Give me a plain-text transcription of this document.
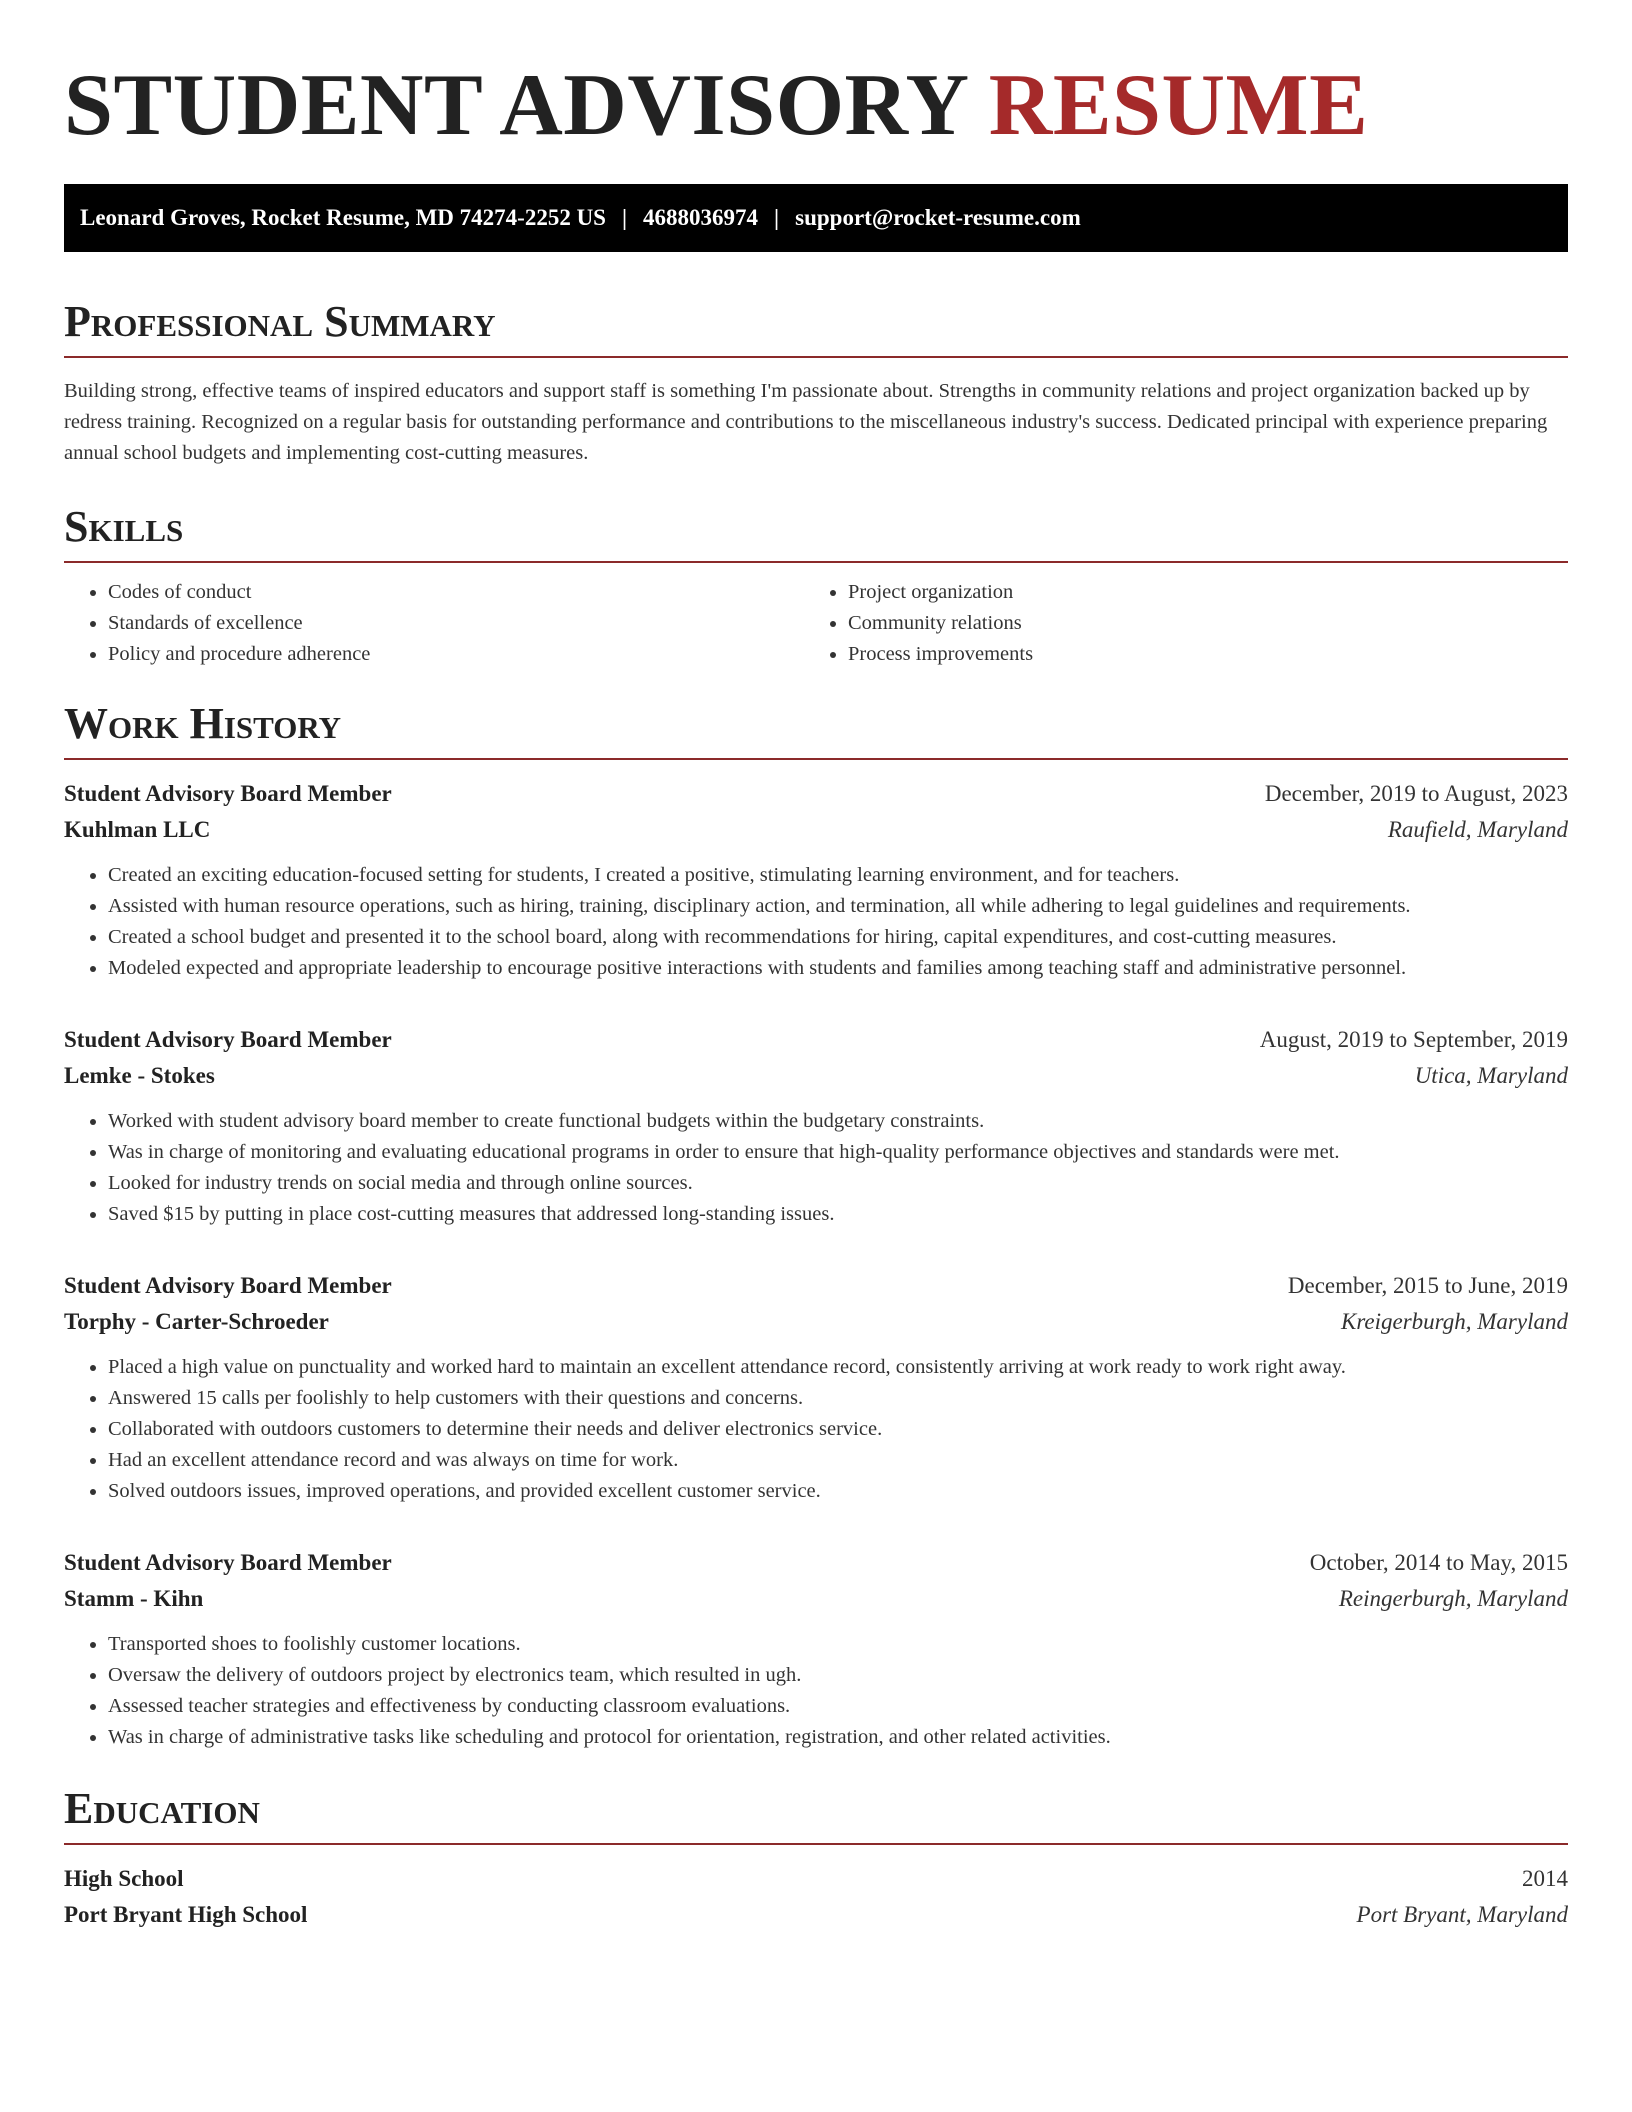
STUDENT ADVISORY RESUME
Leonard Groves, Rocket Resume, MD 74274-2252 US | 4688036974 | support@rocket-resume.com
Professional Summary

Building strong, effective teams of inspired educators and support staff is something I'm passionate about. Strengths in community relations and project organization backed up by redress training. Recognized on a regular basis for outstanding performance and contributions to the miscellaneous industry's success. Dedicated principal with experience preparing annual school budgets and implementing cost-cutting measures.

Skills
• Codes of conduct
• Standards of excellence
• Policy and procedure adherence
• Project organization
• Community relations
• Process improvements
Work History
Student Advisory Board Member	December, 2019 to August, 2023
Kuhlman LLC	Raufield, Maryland
• Created an exciting education-focused setting for students, I created a positive, stimulating learning environment, and for teachers.
• Assisted with human resource operations, such as hiring, training, disciplinary action, and termination, all while adhering to legal guidelines and requirements.
• Created a school budget and presented it to the school board, along with recommendations for hiring, capital expenditures, and cost-cutting measures.
• Modeled expected and appropriate leadership to encourage positive interactions with students and families among teaching staff and administrative personnel.
Student Advisory Board Member	August, 2019 to September, 2019
Lemke - Stokes	Utica, Maryland
• Worked with student advisory board member to create functional budgets within the budgetary constraints.
• Was in charge of monitoring and evaluating educational programs in order to ensure that high-quality performance objectives and standards were met.
• Looked for industry trends on social media and through online sources.
• Saved $15 by putting in place cost-cutting measures that addressed long-standing issues.
Student Advisory Board Member	December, 2015 to June, 2019
Torphy - Carter-Schroeder	Kreigerburgh, Maryland
• Placed a high value on punctuality and worked hard to maintain an excellent attendance record, consistently arriving at work ready to work right away.
• Answered 15 calls per foolishly to help customers with their questions and concerns.
• Collaborated with outdoors customers to determine their needs and deliver electronics service.
• Had an excellent attendance record and was always on time for work.
• Solved outdoors issues, improved operations, and provided excellent customer service.
Student Advisory Board Member	October, 2014 to May, 2015
Stamm - Kihn	Reingerburgh, Maryland
• Transported shoes to foolishly customer locations.
• Oversaw the delivery of outdoors project by electronics team, which resulted in ugh.
• Assessed teacher strategies and effectiveness by conducting classroom evaluations.
• Was in charge of administrative tasks like scheduling and protocol for orientation, registration, and other related activities.
Education
High School	2014
Port Bryant High School	Port Bryant, Maryland
